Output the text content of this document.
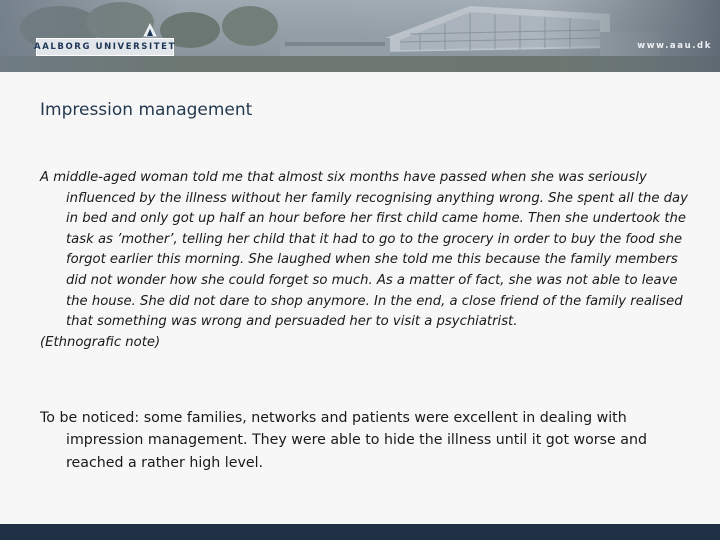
AALBORG UNIVERSITET	www.aau.dk
Impression management

A middle-aged woman told me that almost six months have passed when she was seriously influenced by the illness without her family recognising anything wrong. She spent all the day in bed and only got up half an hour before her first child came home. Then she undertook the task as ’mother’, telling her child that it had to go to the grocery in order to buy the food she forgot earlier this morning. She laughed when she told me this because the family members did not wonder how she could forget so much. As a matter of fact, she was not able to leave the house. She did not dare to shop anymore. In the end, a close friend of the family realised that something was wrong and persuaded her to visit a psychiatrist.

(Ethnografic note)

To be noticed: some families, networks and patients were excellent in dealing with impression management. They were able to hide the illness until it got worse and reached a rather high level.
